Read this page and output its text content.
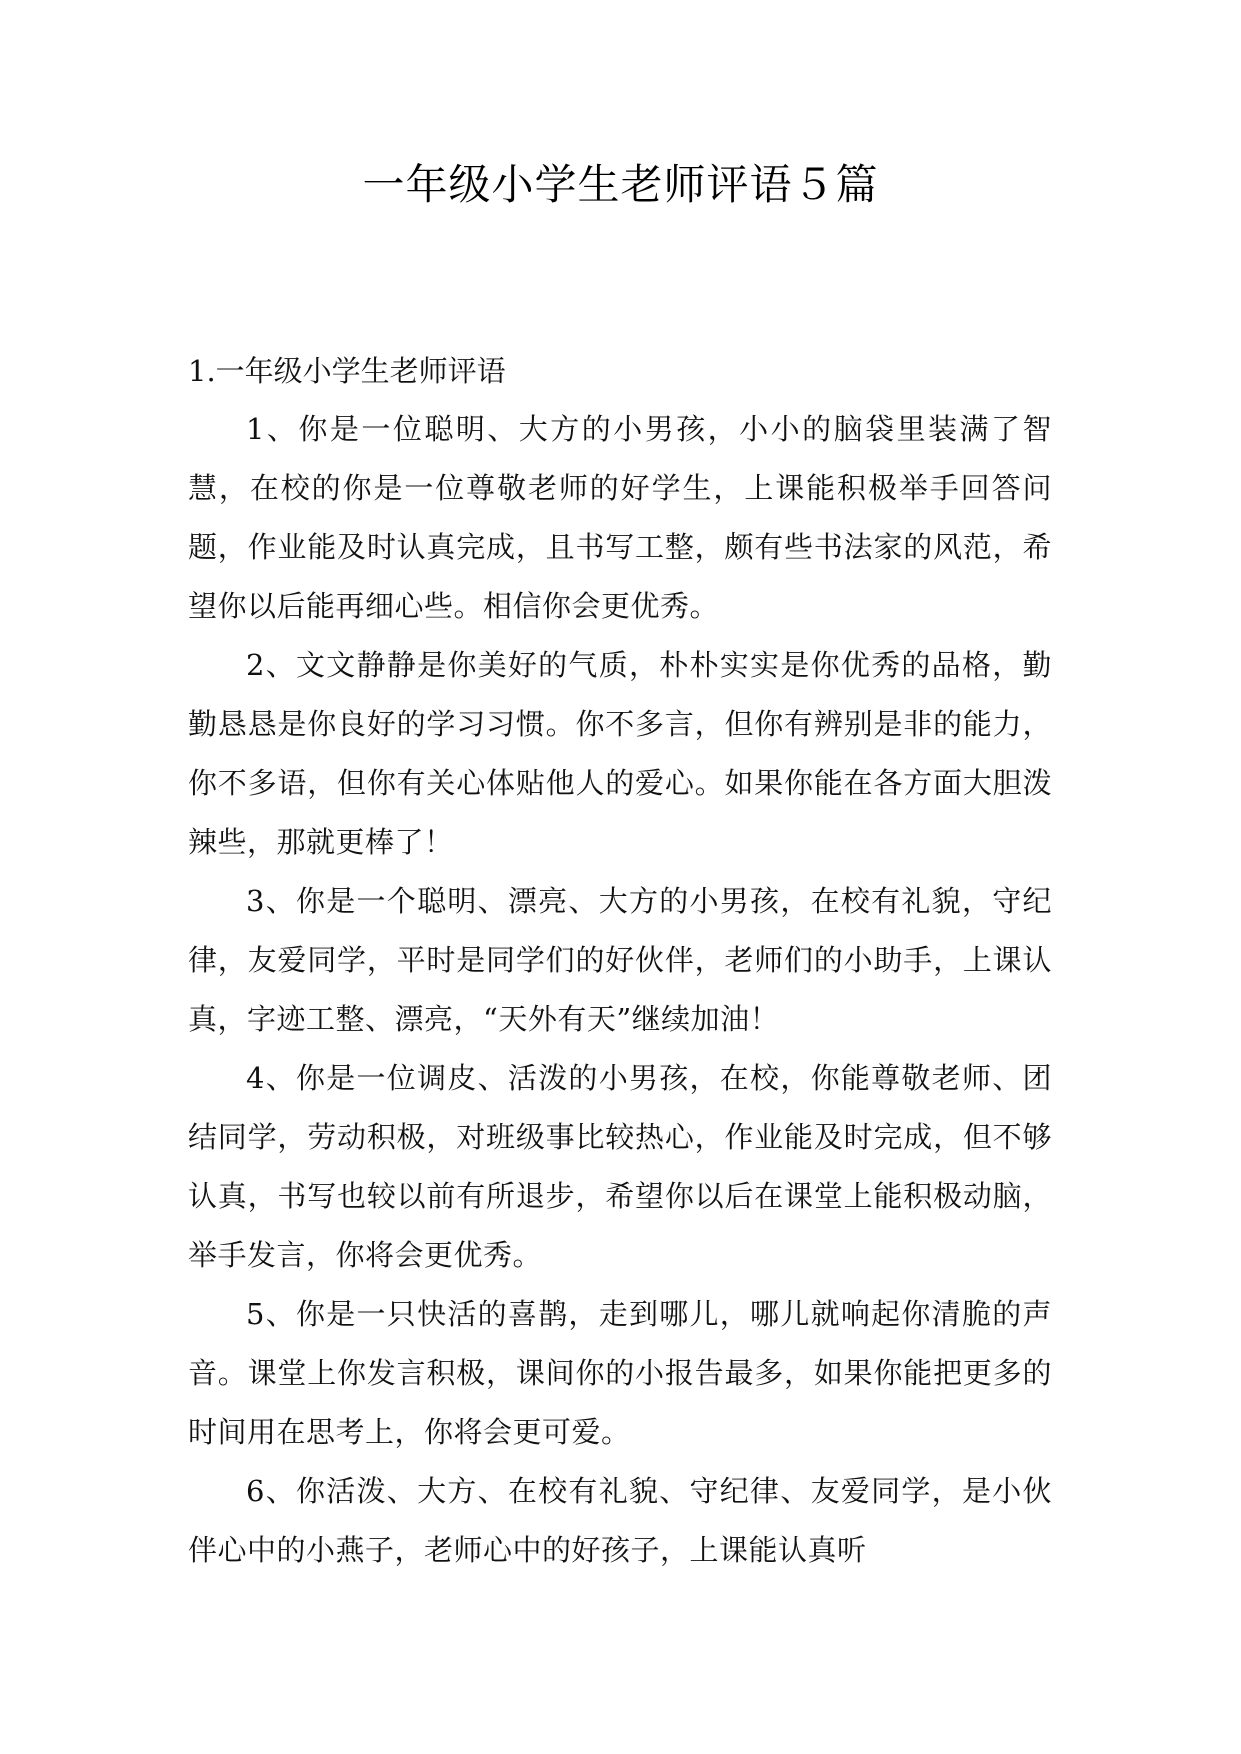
一年级小学生老师评语５篇

1.一年级小学生老师评语

1、你是一位聪明、大方的小男孩，小小的脑袋里装满了智慧，在校的你是一位尊敬老师的好学生，上课能积极举手回答问题，作业能及时认真完成，且书写工整，颇有些书法家的风范，希望你以后能再细心些。相信你会更优秀。

2、文文静静是你美好的气质，朴朴实实是你优秀的品格，勤勤恳恳是你良好的学习习惯。你不多言，但你有辨别是非的能力，你不多语，但你有关心体贴他人的爱心。如果你能在各方面大胆泼辣些，那就更棒了！

3、你是一个聪明、漂亮、大方的小男孩，在校有礼貌，守纪律，友爱同学，平时是同学们的好伙伴，老师们的小助手，上课认真，字迹工整、漂亮，“天外有天”继续加油！

4、你是一位调皮、活泼的小男孩，在校，你能尊敬老师、团结同学，劳动积极，对班级事比较热心，作业能及时完成，但不够认真，书写也较以前有所退步，希望你以后在课堂上能积极动脑，举手发言，你将会更优秀。

5、你是一只快活的喜鹊，走到哪儿，哪儿就响起你清脆的声音。课堂上你发言积极，课间你的小报告最多，如果你能把更多的时间用在思考上，你将会更可爱。

6、你活泼、大方、在校有礼貌、守纪律、友爱同学，是小伙伴心中的小燕子，老师心中的好孩子，上课能认真听
